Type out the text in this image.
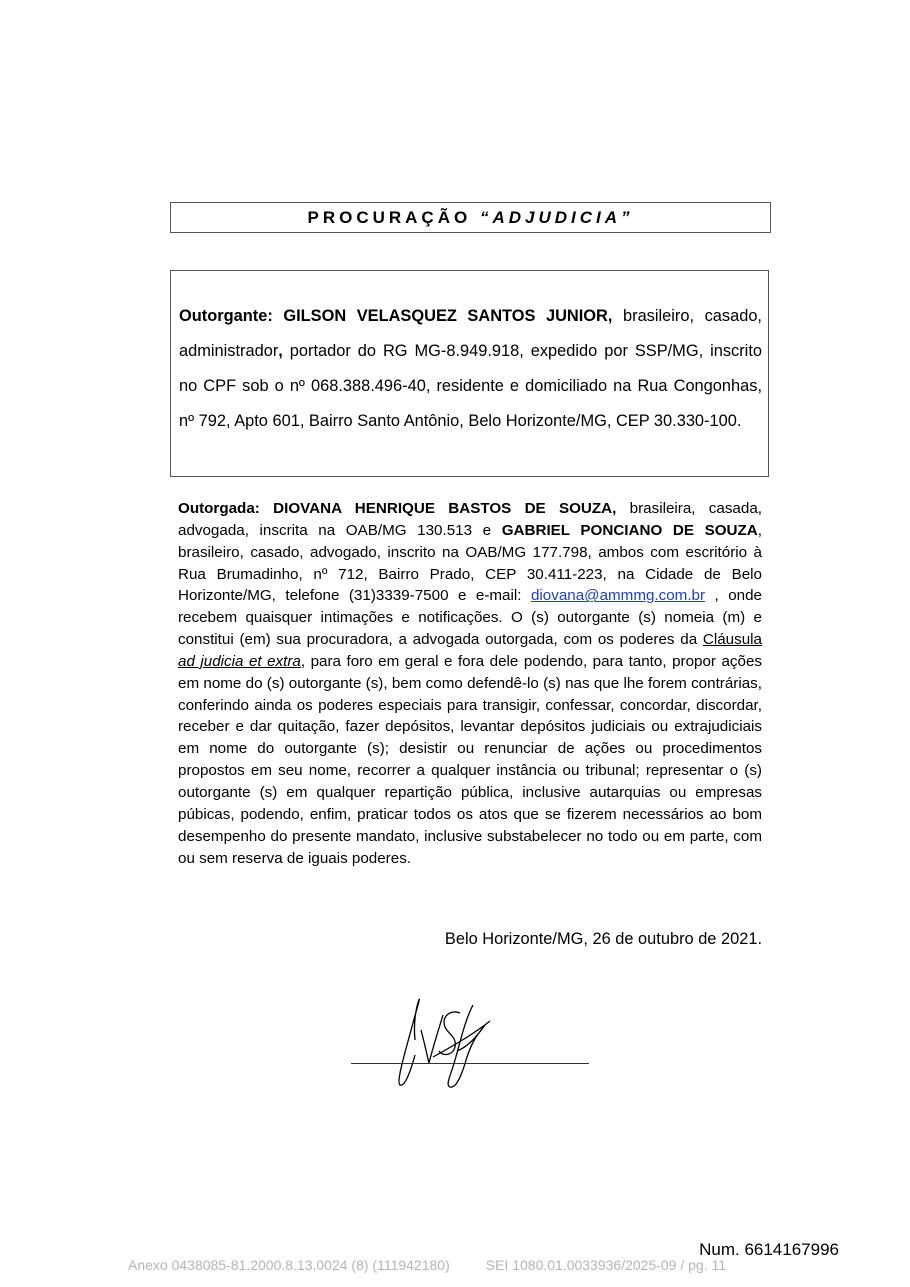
PROCURAÇÃO “ADJUDICIA”
Outorgante: GILSON VELASQUEZ SANTOS JUNIOR, brasileiro, casado, administrador, portador do RG MG-8.949.918, expedido por SSP/MG, inscrito no CPF sob o nº 068.388.496-40, residente e domiciliado na Rua Congonhas, nº 792, Apto 601, Bairro Santo Antônio, Belo Horizonte/MG, CEP 30.330-100.
Outorgada: DIOVANA HENRIQUE BASTOS DE SOUZA, brasileira, casada, advogada, inscrita na OAB/MG 130.513 e GABRIEL PONCIANO DE SOUZA, brasileiro, casado, advogado, inscrito na OAB/MG 177.798, ambos com escritório à Rua Brumadinho, nº 712, Bairro Prado, CEP 30.411-223, na Cidade de Belo Horizonte/MG, telefone (31)3339-7500 e e-mail: diovana@ammmg.com.br , onde recebem quaisquer intimações e notificações. O (s) outorgante (s) nomeia (m) e constitui (em) sua procuradora, a advogada outorgada, com os poderes da Cláusula ad judicia et extra, para foro em geral e fora dele podendo, para tanto, propor ações em nome do (s) outorgante (s), bem como defendê-lo (s) nas que lhe forem contrárias, conferindo ainda os poderes especiais para transigir, confessar, concordar, discordar, receber e dar quitação, fazer depósitos, levantar depósitos judiciais ou extrajudiciais em nome do outorgante (s); desistir ou renunciar de ações ou procedimentos propostos em seu nome, recorrer a qualquer instância ou tribunal; representar o (s) outorgante (s) em qualquer repartição pública, inclusive autarquias ou empresas púbicas, podendo, enfim, praticar todos os atos que se fizerem necessários ao bom desempenho do presente mandato, inclusive substabelecer no todo ou em parte, com ou sem reserva de iguais poderes.
Belo Horizonte/MG, 26 de outubro de 2021.
Num. 6614167996
Anexo 0438085-81.2000.8.13.0024 (8) (111942180)	SEI 1080.01.0033936/2025-09 / pg. 11
